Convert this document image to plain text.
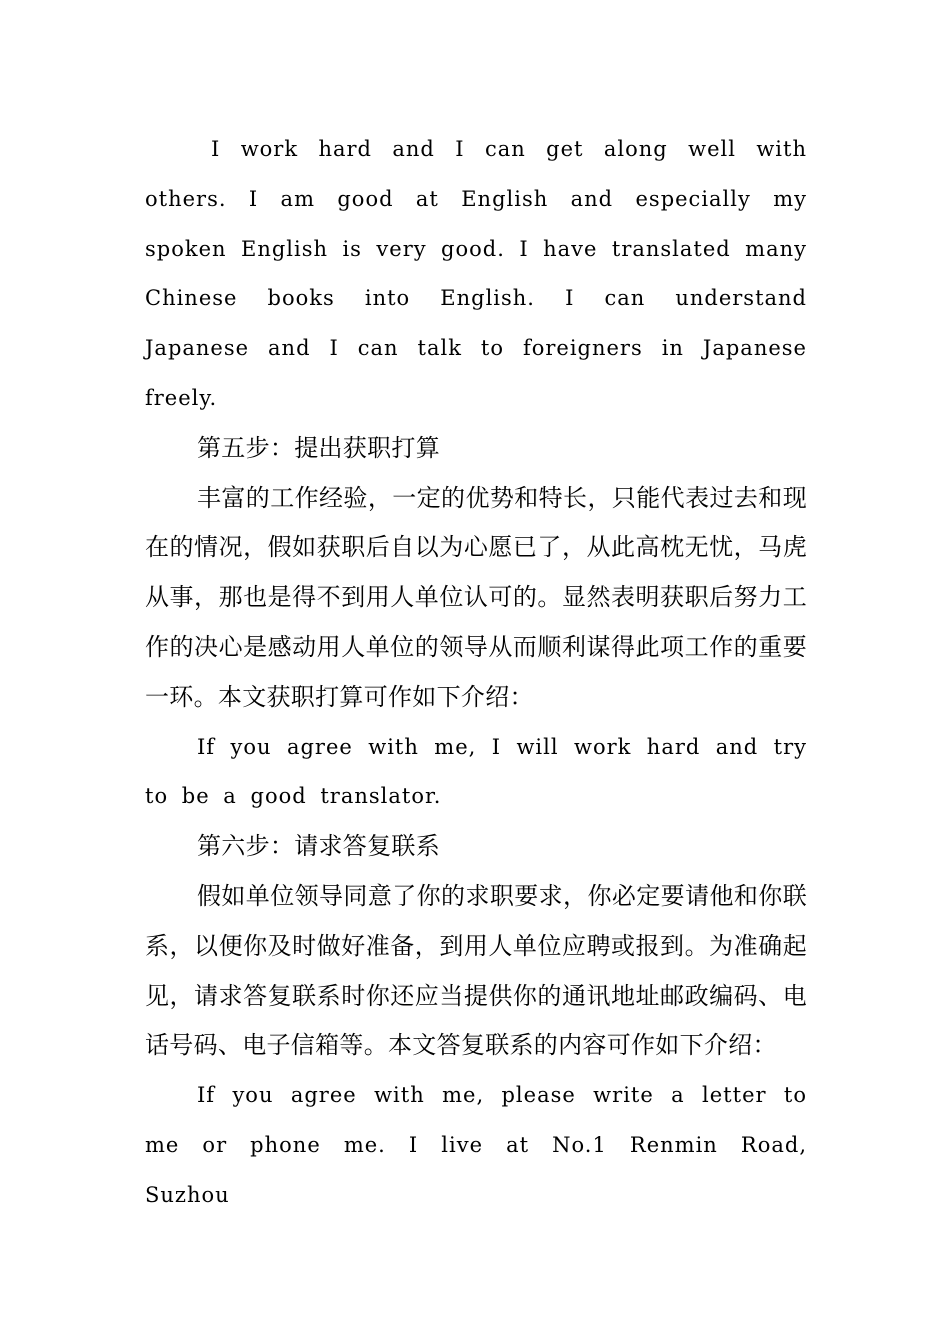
I work hard and I can get along well with others. I am good at English and especially my spoken English is very good. I have translated many Chinese books into English. I can understand Japanese and I can talk to foreigners in Japanese freely.

第五步：提出获职打算

丰富的工作经验，一定的优势和特长，只能代表过去和现在的情况，假如获职后自以为心愿已了，从此高枕无忧，马虎从事，那也是得不到用人单位认可的。显然表明获职后努力工作的决心是感动用人单位的领导从而顺利谋得此项工作的重要一环。本文获职打算可作如下介绍：

If you agree with me, I will work hard and try to be a good translator.

第六步：请求答复联系

假如单位领导同意了你的求职要求，你必定要请他和你联系，以便你及时做好准备，到用人单位应聘或报到。为准确起见，请求答复联系时你还应当提供你的通讯地址邮政编码、电话号码、电子信箱等。本文答复联系的内容可作如下介绍：

If you agree with me, please write a letter to me or phone me. I live at No.1 Renmin Road, Suzhou
